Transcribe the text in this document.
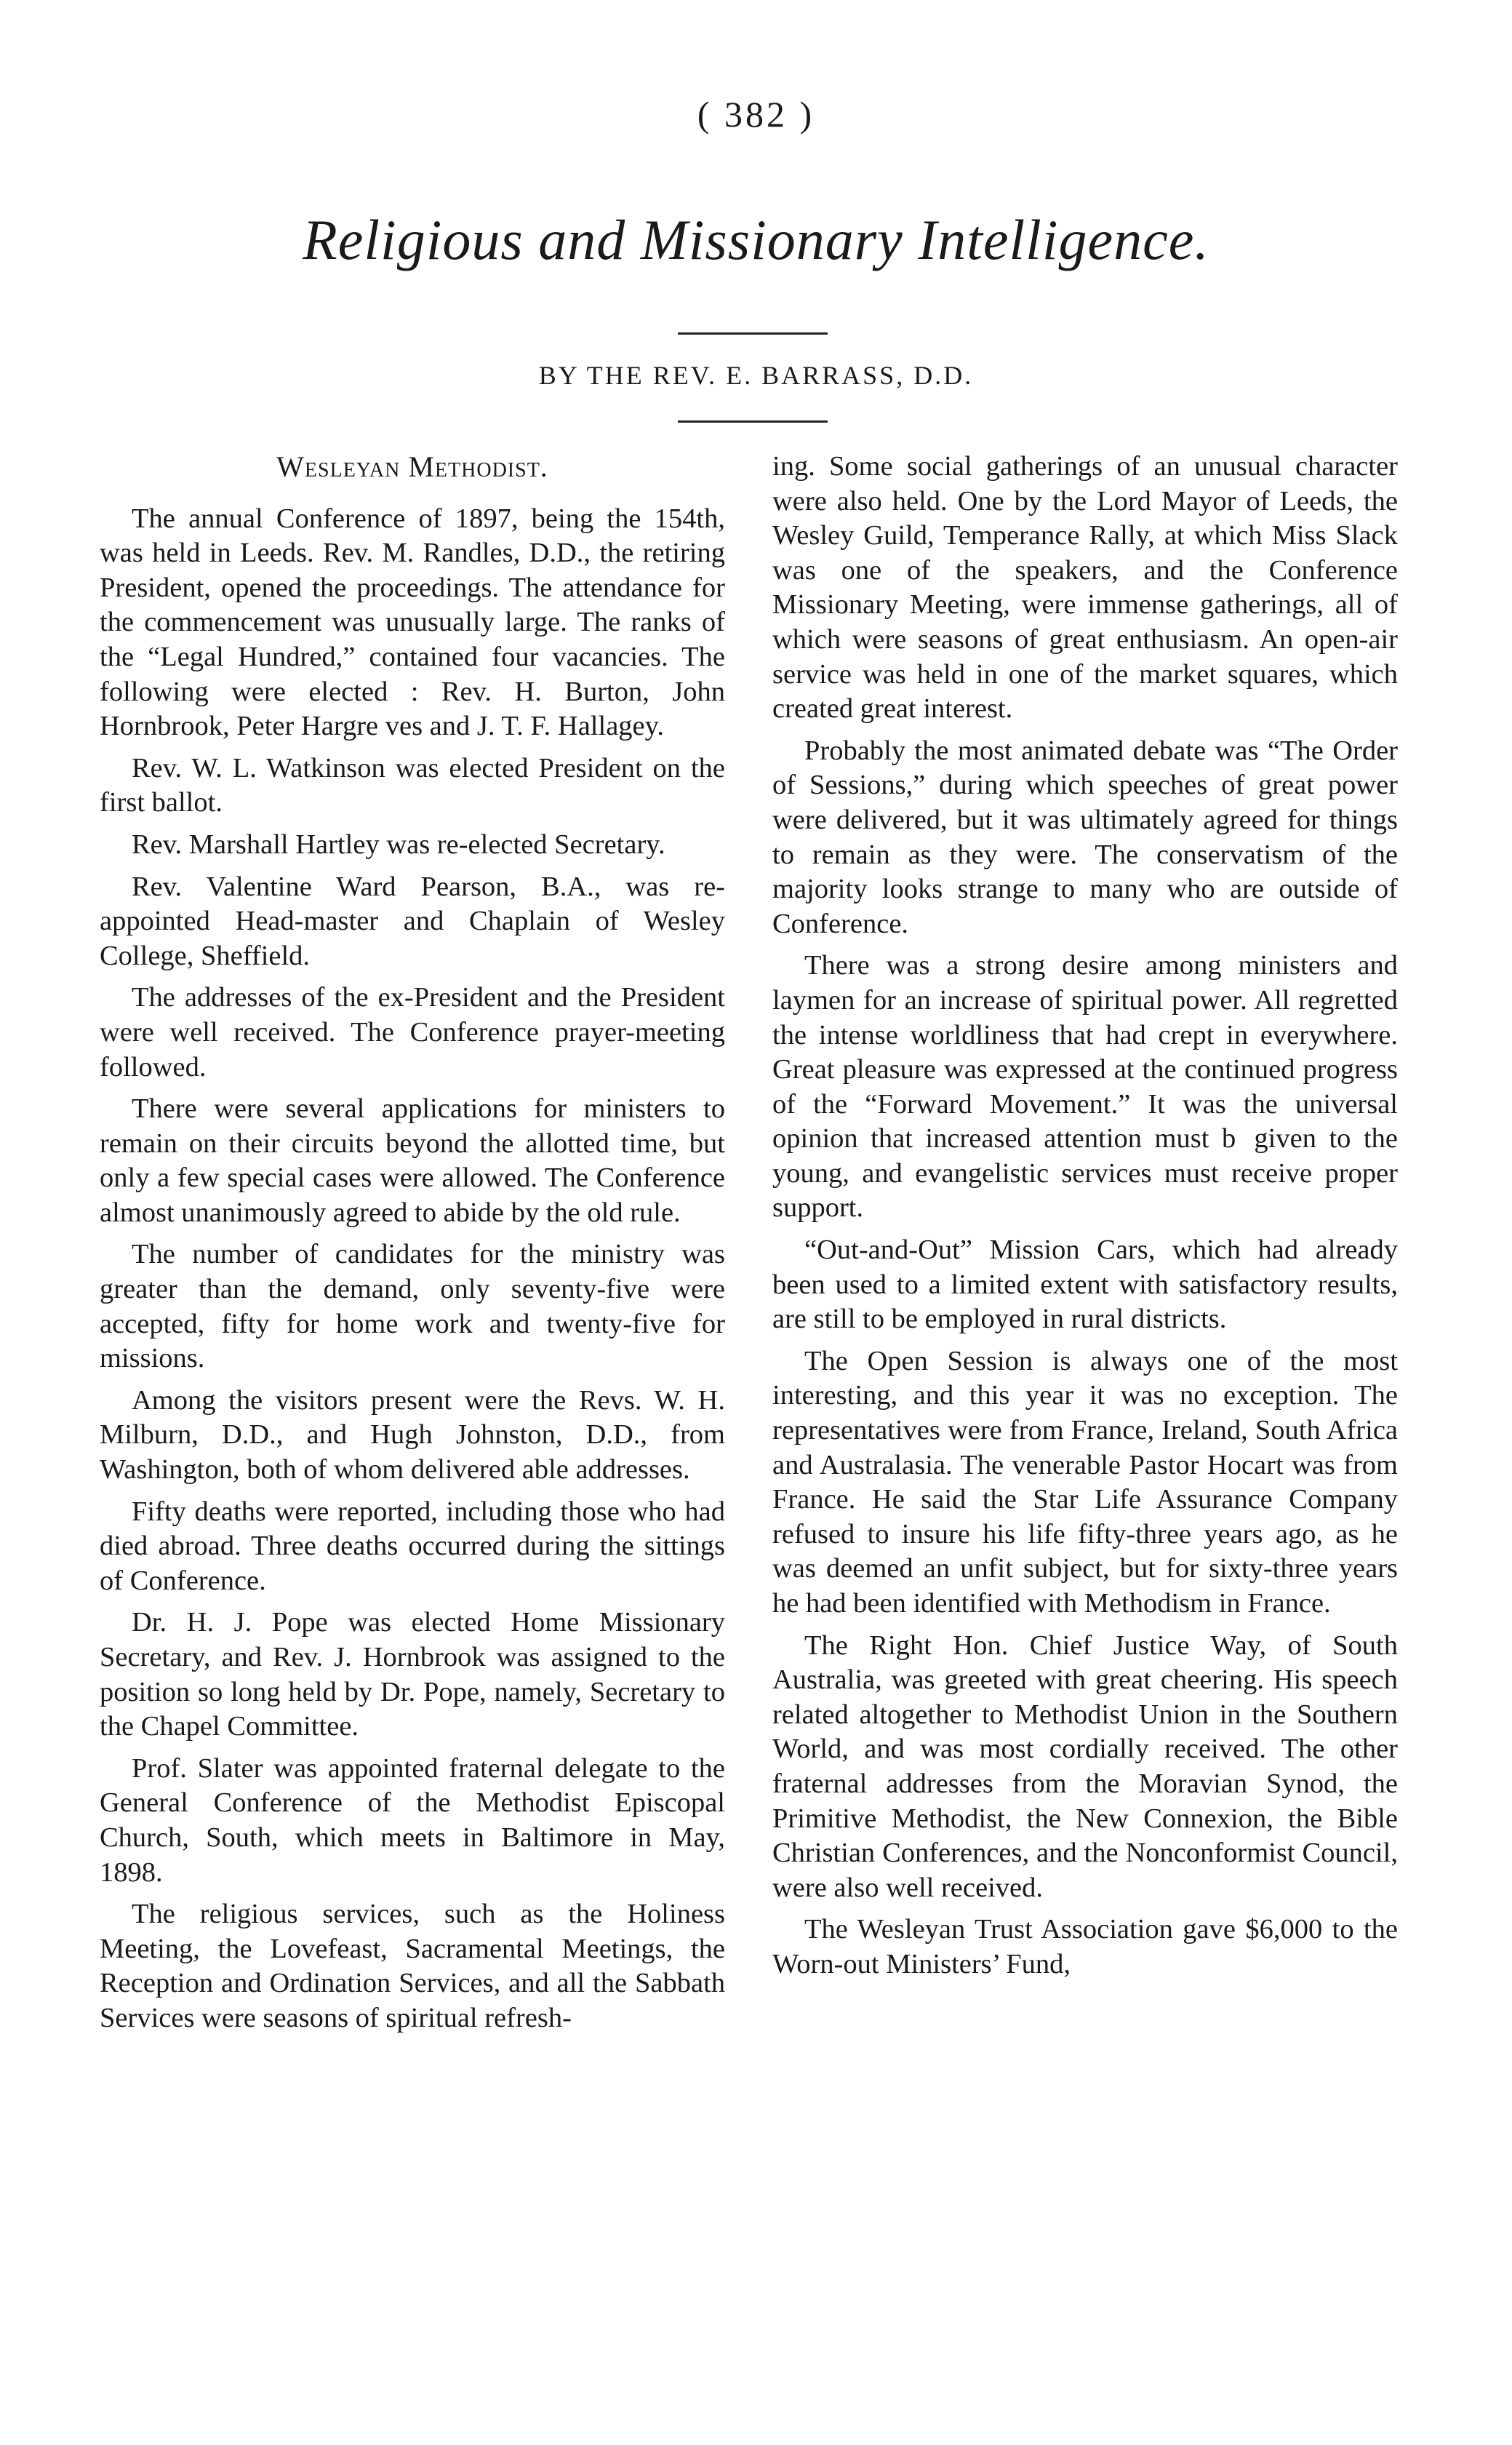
( 382 )
Religious and Missionary Intelligence.
BY THE REV. E. BARRASS, D.D.
Wesleyan Methodist.

The annual Conference of 1897, being the 154th, was held in Leeds. Rev. M. Randles, D.D., the retiring President, opened the proceedings. The attendance for the commencement was unusually large. The ranks of the “Legal Hundred,” contained four vacancies. The following were elected : Rev. H. Burton, John Hornbrook, Peter Hargre ves and J. T. F. Hallagey.

Rev. W. L. Watkinson was elected President on the first ballot.

Rev. Marshall Hartley was re-elected Secretary.

Rev. Valentine Ward Pearson, B.A., was re-appointed Head-master and Chaplain of Wesley College, Sheffield.

The addresses of the ex-President and the President were well received. The Conference prayer-meeting followed.

There were several applications for ministers to remain on their circuits beyond the allotted time, but only a few special cases were allowed. The Conference almost unanimously agreed to abide by the old rule.

The number of candidates for the ministry was greater than the demand, only seventy-five were accepted, fifty for home work and twenty-five for missions.

Among the visitors present were the Revs. W. H. Milburn, D.D., and Hugh Johnston, D.D., from Washington, both of whom delivered able addresses.

Fifty deaths were reported, including those who had died abroad. Three deaths occurred during the sittings of Conference.

Dr. H. J. Pope was elected Home Missionary Secretary, and Rev. J. Hornbrook was assigned to the position so long held by Dr. Pope, namely, Secretary to the Chapel Committee.

Prof. Slater was appointed fraternal delegate to the General Conference of the Methodist Episcopal Church, South, which meets in Baltimore in May, 1898.

The religious services, such as the Holiness Meeting, the Lovefeast, Sacramental Meetings, the Reception and Ordination Services, and all the Sabbath Services were seasons of spiritual refresh-

ing. Some social gatherings of an unusual character were also held. One by the Lord Mayor of Leeds, the Wesley Guild, Temperance Rally, at which Miss Slack was one of the speakers, and the Conference Missionary Meeting, were immense gatherings, all of which were seasons of great enthusiasm. An open-air service was held in one of the market squares, which created great interest.

Probably the most animated debate was “The Order of Sessions,” during which speeches of great power were delivered, but it was ultimately agreed for things to remain as they were. The conservatism of the majority looks strange to many who are outside of Conference.

There was a strong desire among ministers and laymen for an increase of spiritual power. All regretted the intense worldliness that had crept in everywhere. Great pleasure was expressed at the continued progress of the “Forward Movement.” It was the universal opinion that increased attention must b  given to the young, and evangelistic services must receive proper support.

“Out-and-Out” Mission Cars, which had already been used to a limited extent with satisfactory results, are still to be employed in rural districts.

The Open Session is always one of the most interesting, and this year it was no exception. The representatives were from France, Ireland, South Africa and Australasia. The venerable Pastor Hocart was from France. He said the Star Life Assurance Company refused to insure his life fifty-three years ago, as he was deemed an unfit subject, but for sixty-three years he had been identified with Methodism in France.

The Right Hon. Chief Justice Way, of South Australia, was greeted with great cheering. His speech related altogether to Methodist Union in the Southern World, and was most cordially received. The other fraternal addresses from the Moravian Synod, the Primitive Methodist, the New Connexion, the Bible Christian Conferences, and the Nonconformist Council, were also well received.

The Wesleyan Trust Association gave $6,000 to the Worn-out Ministers’ Fund,
